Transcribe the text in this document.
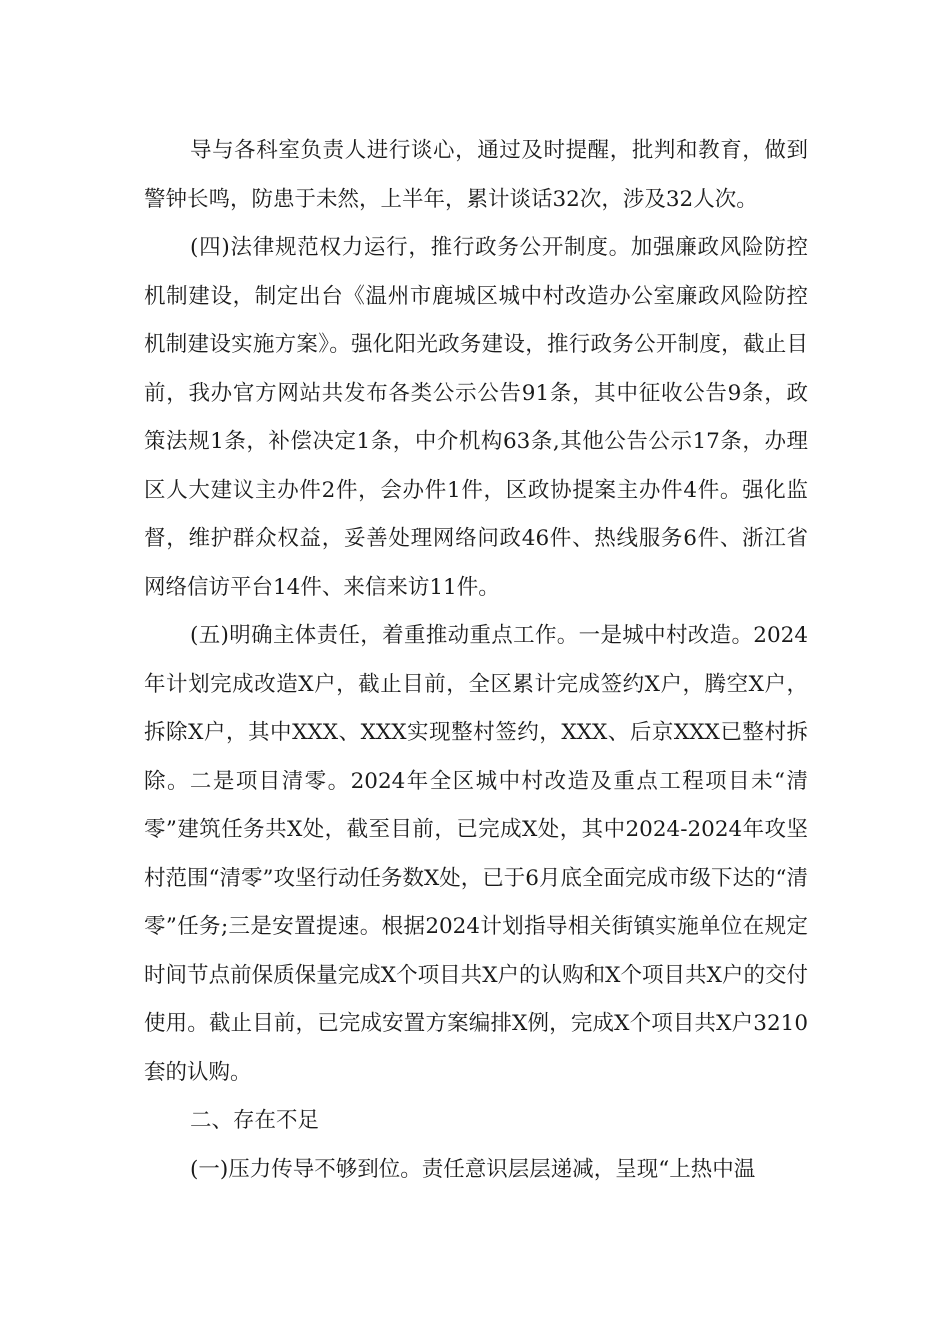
导与各科室负责人进行谈心，通过及时提醒，批判和教育，做到警钟长鸣，防患于未然，上半年，累计谈话32次，涉及32人次。

(四)法律规范权力运行，推行政务公开制度。加强廉政风险防控机制建设，制定出台《温州市鹿城区城中村改造办公室廉政风险防控机制建设实施方案》。强化阳光政务建设，推行政务公开制度，截止目前，我办官方网站共发布各类公示公告91条，其中征收公告9条，政策法规1条，补偿决定1条，中介机构63条,其他公告公示17条，办理区人大建议主办件2件，会办件1件，区政协提案主办件4件。强化监督，维护群众权益，妥善处理网络问政46件、热线服务6件、浙江省网络信访平台14件、来信来访11件。

(五)明确主体责任，着重推动重点工作。一是城中村改造。2024年计划完成改造X户，截止目前，全区累计完成签约X户，腾空X户，拆除X户，其中XXX、XXX实现整村签约，XXX、后京XXX已整村拆除。二是项目清零。2024年全区城中村改造及重点工程项目未“清零”建筑任务共X处，截至目前，已完成X处，其中2024-2024年攻坚村范围“清零”攻坚行动任务数X处，已于6月底全面完成市级下达的“清零”任务;三是安置提速。根据2024计划指导相关街镇实施单位在规定时间节点前保质保量完成X个项目共X户的认购和X个项目共X户的交付使用。截止目前，已完成安置方案编排X例，完成X个项目共X户3210套的认购。

二、存在不足

(一)压力传导不够到位。责任意识层层递减，呈现“上热中温
